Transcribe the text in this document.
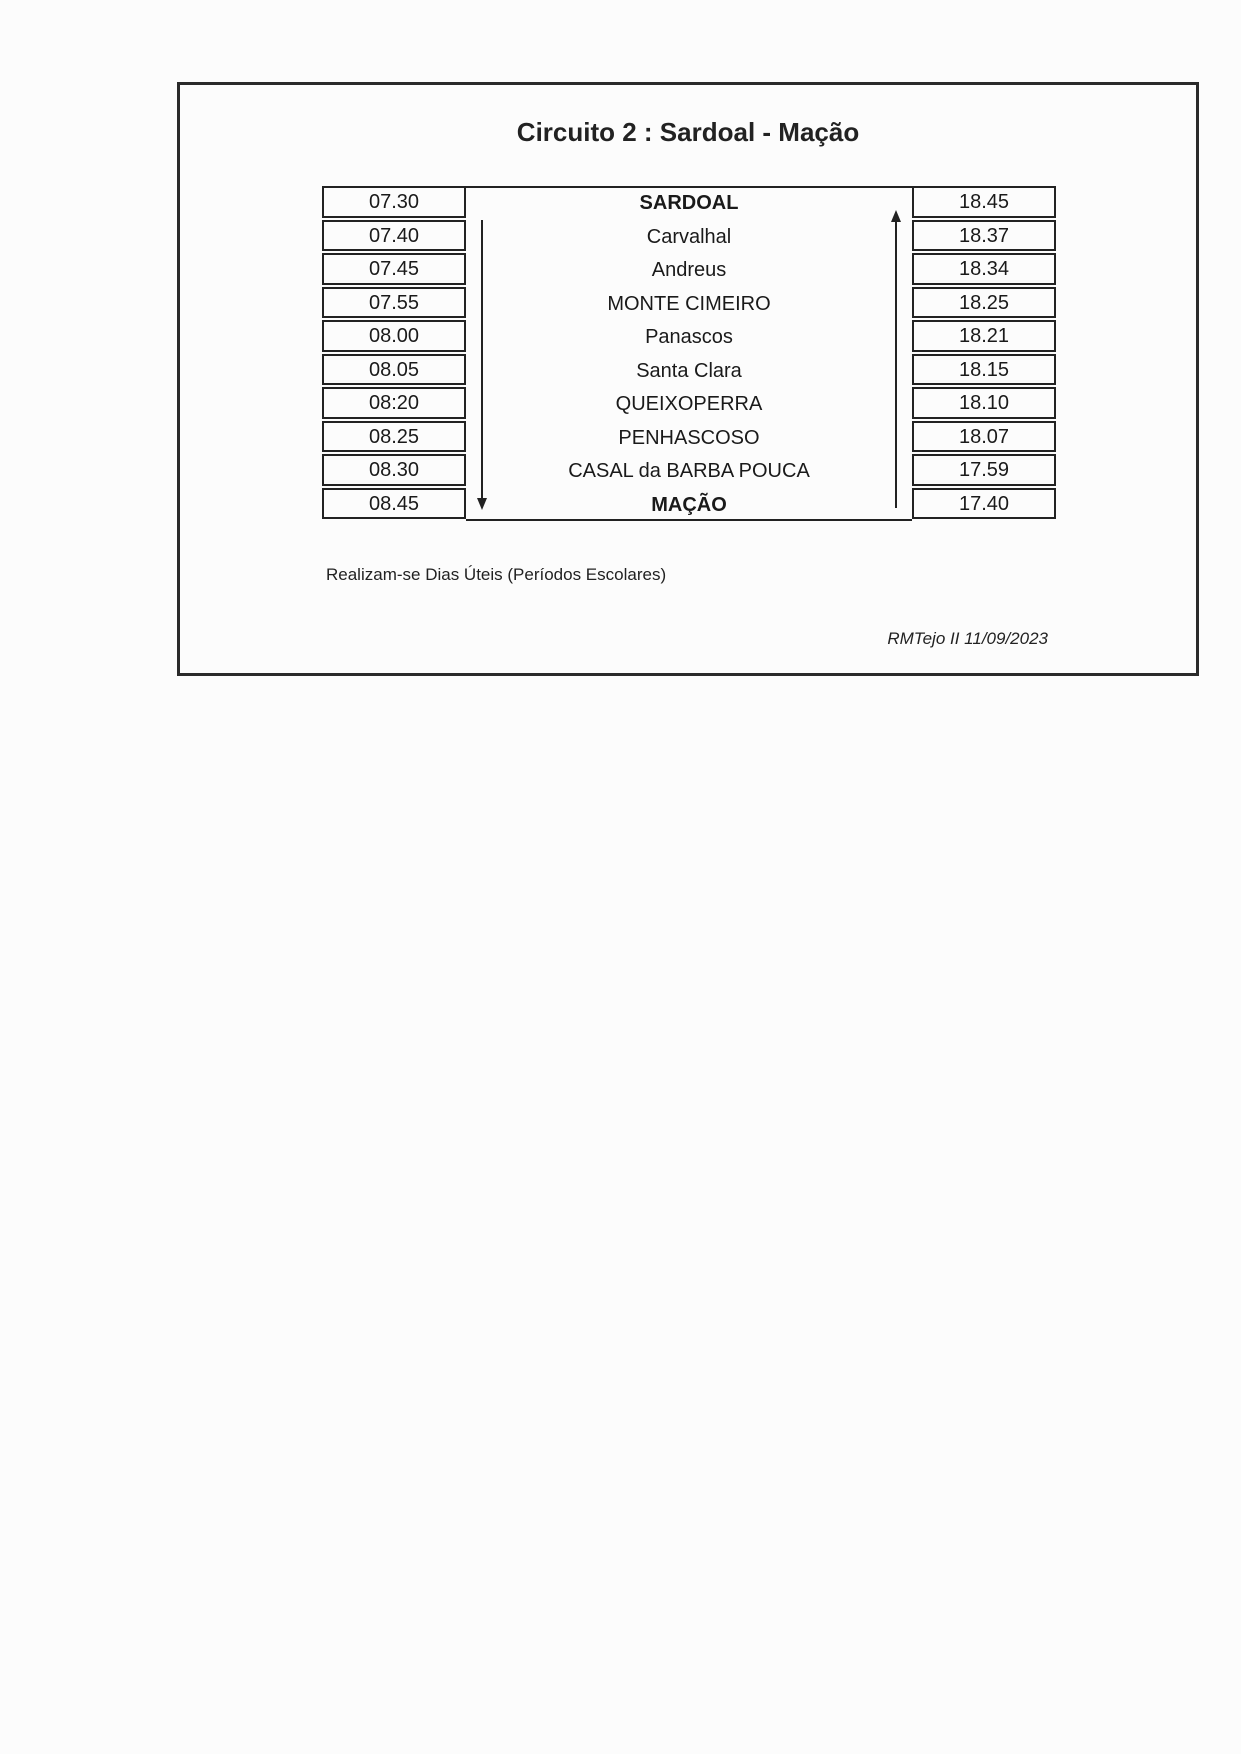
Circuito 2 : Sardoal - Mação
07.30
07.40
07.45
07.55
08.00
08.05
08:20
08.25
08.30
08.45
SARDOAL
Carvalhal
Andreus
MONTE CIMEIRO
Panascos
Santa Clara
QUEIXOPERRA
PENHASCOSO
CASAL da BARBA POUCA
MAÇÃO
18.45
18.37
18.34
18.25
18.21
18.15
18.10
18.07
17.59
17.40
Realizam-se Dias Úteis (Períodos Escolares)
RMTejo II 11/09/2023
